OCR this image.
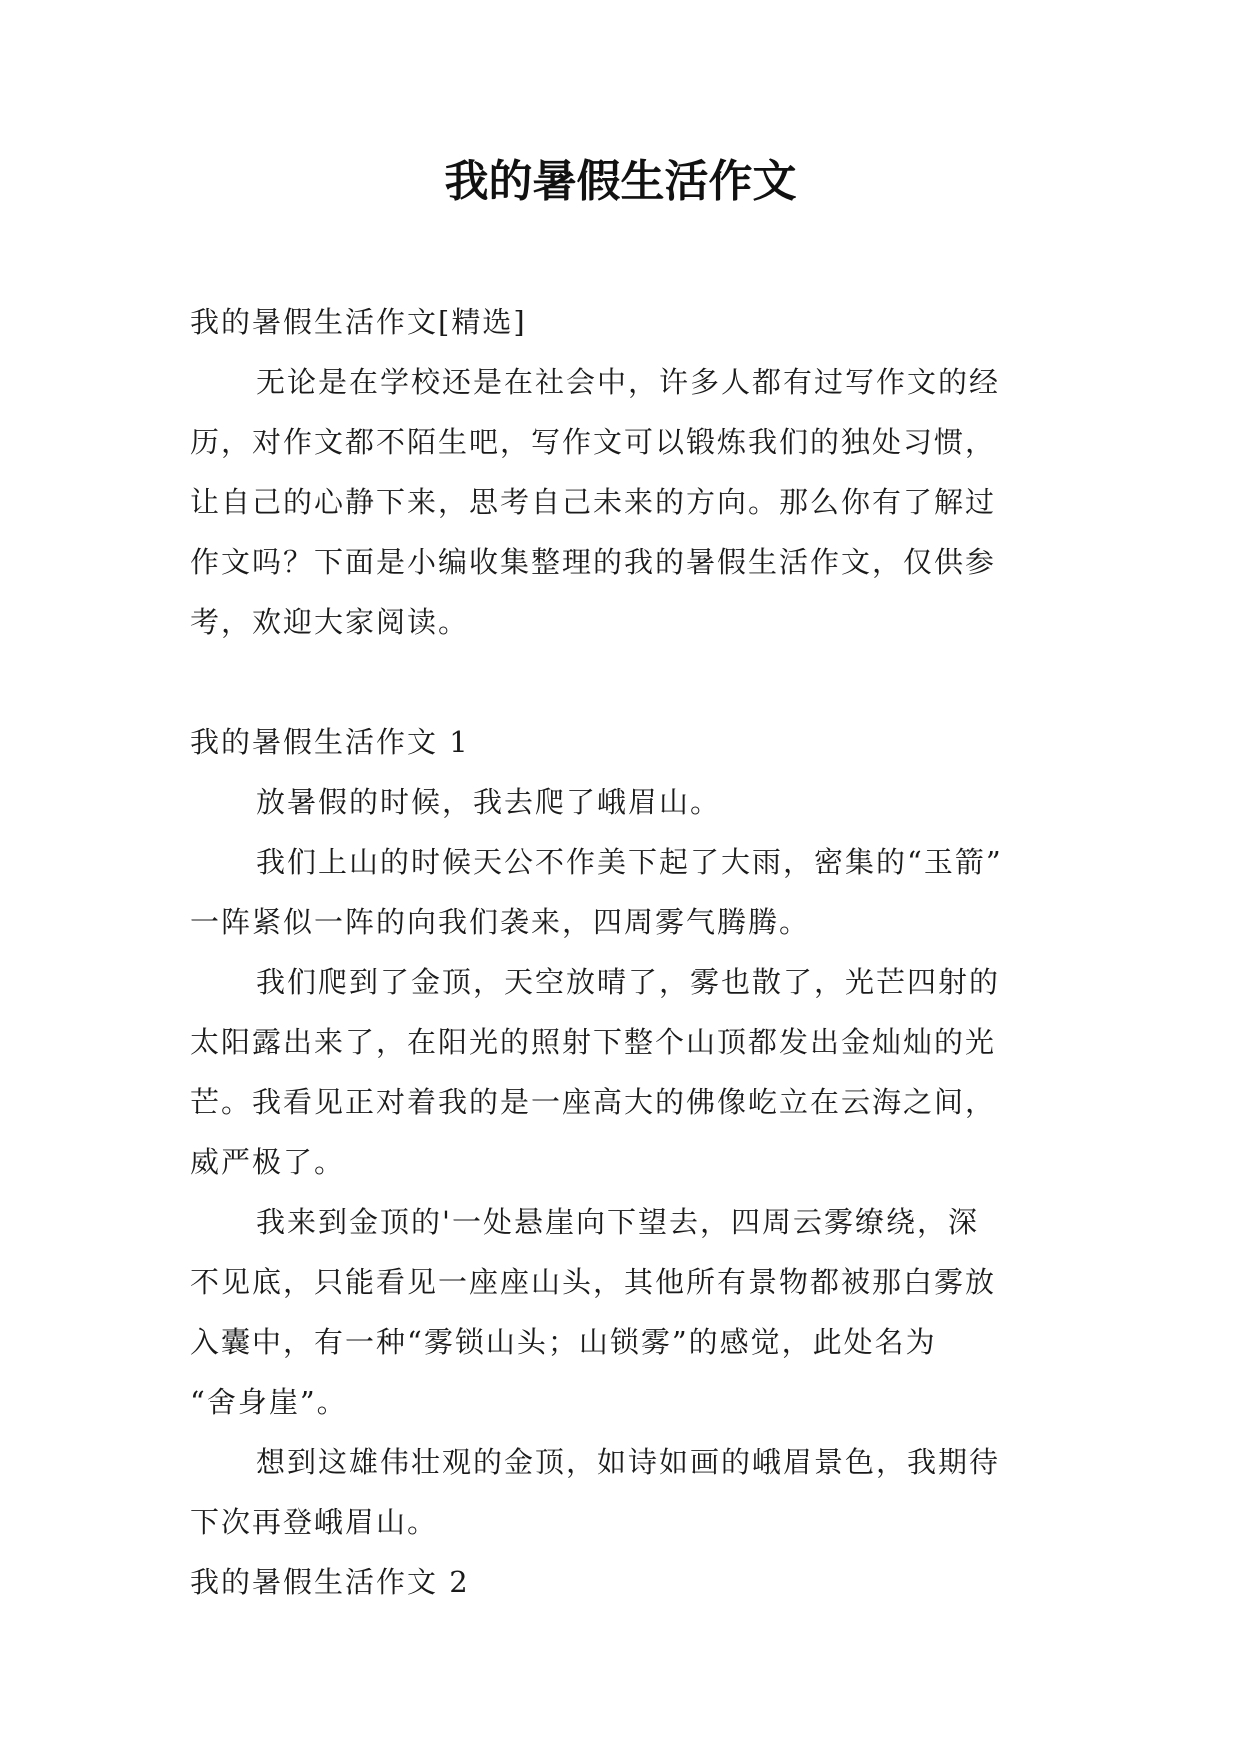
我的暑假生活作文
我的暑假生活作文[精选]
无论是在学校还是在社会中，许多人都有过写作文的经
历，对作文都不陌生吧，写作文可以锻炼我们的独处习惯，
让自己的心静下来，思考自己未来的方向。那么你有了解过
作文吗？下面是小编收集整理的我的暑假生活作文，仅供参
考，欢迎大家阅读。
我的暑假生活作文 1
放暑假的时候，我去爬了峨眉山。
我们上山的时候天公不作美下起了大雨，密集的“玉箭”
一阵紧似一阵的向我们袭来，四周雾气腾腾。
我们爬到了金顶，天空放晴了，雾也散了，光芒四射的
太阳露出来了，在阳光的照射下整个山顶都发出金灿灿的光
芒。我看见正对着我的是一座高大的佛像屹立在云海之间，
威严极了。
我来到金顶的'一处悬崖向下望去，四周云雾缭绕，深
不见底，只能看见一座座山头，其他所有景物都被那白雾放
入囊中，有一种“雾锁山头；山锁雾”的感觉，此处名为
“舍身崖”。
想到这雄伟壮观的金顶，如诗如画的峨眉景色，我期待
下次再登峨眉山。
我的暑假生活作文 2
